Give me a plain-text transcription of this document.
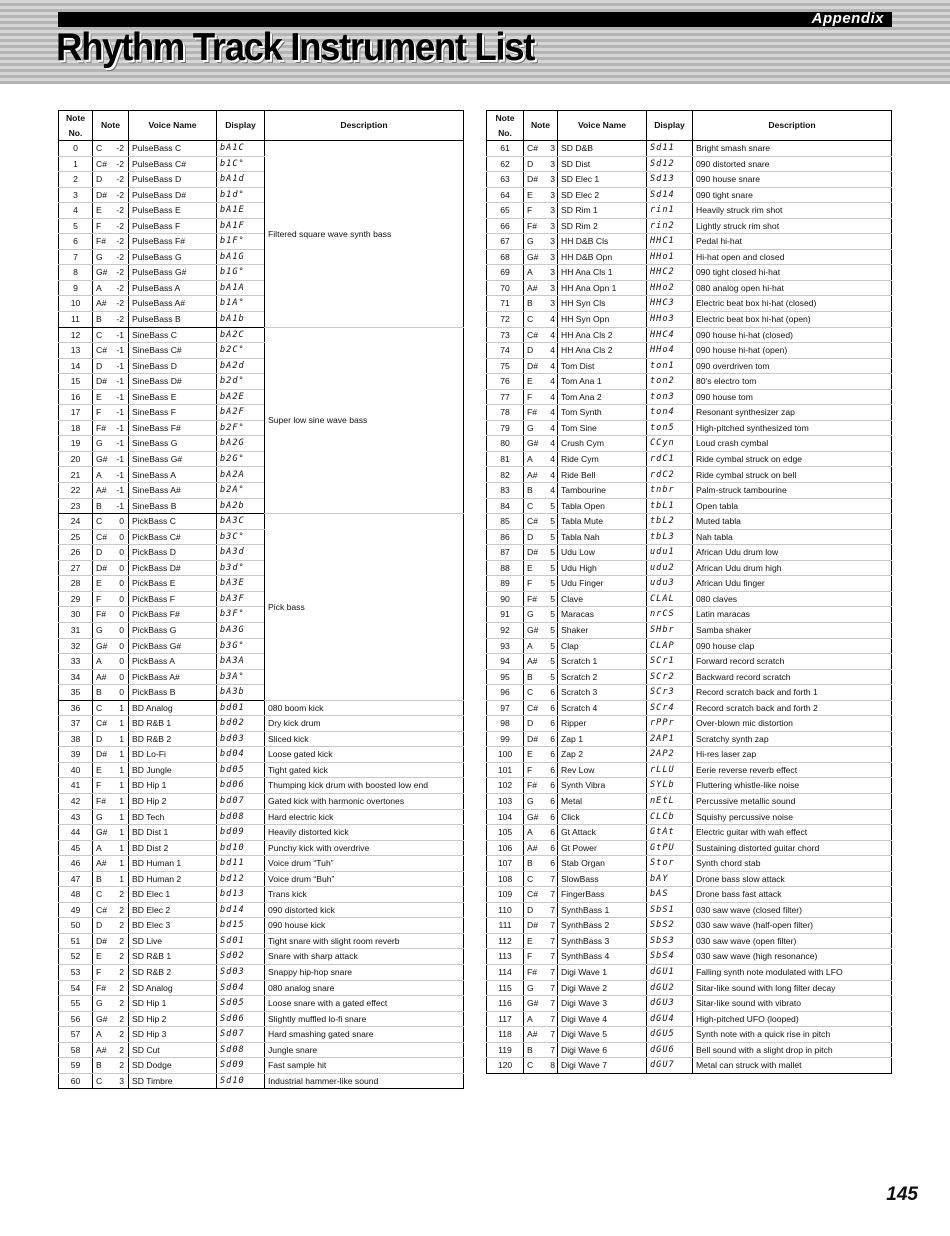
Appendix
Rhythm Track Instrument List
Note No.	Note	Voice Name	Display	Description
0	C -2	PulseBass C	bA1C	Filtered square wave synth bass
1	C# -2	PulseBass C#	b1C°	
2	D -2	PulseBass D	bA1d	
3	D# -2	PulseBass D#	b1d°	
4	E -2	PulseBass E	bA1E	
5	F -2	PulseBass F	bA1F	
6	F# -2	PulseBass F#	b1F°	
7	G -2	PulseBass G	bA1G	
8	G# -2	PulseBass G#	b1G°	
9	A -2	PulseBass A	bA1A	
10	A# -2	PulseBass A#	b1A°	
11	B -2	PulseBass B	bA1b	
12	C -1	SineBass C	bA2C	Super low sine wave bass
13	C# -1	SineBass C#	b2C°	
14	D -1	SineBass D	bA2d	
15	D# -1	SineBass D#	b2d°	
16	E -1	SineBass E	bA2E	
17	F -1	SineBass F	bA2F	
18	F# -1	SineBass F#	b2F°	
19	G -1	SineBass G	bA2G	
20	G# -1	SineBass G#	b2G°	
21	A -1	SineBass A	bA2A	
22	A# -1	SineBass A#	b2A°	
23	B -1	SineBass B	bA2b	
24	C 0	PickBass C	bA3C	Pick bass
25	C# 0	PickBass C#	b3C°	
26	D 0	PickBass D	bA3d	
27	D# 0	PickBass D#	b3d°	
28	E 0	PickBass E	bA3E	
29	F 0	PickBass F	bA3F	
30	F# 0	PickBass F#	b3F°	
31	G 0	PickBass G	bA3G	
32	G# 0	PickBass G#	b3G°	
33	A 0	PickBass A	bA3A	
34	A# 0	PickBass A#	b3A°	
35	B 0	PickBass B	bA3b	
36	C 1	BD Analog	bd01	080 boom kick
37	C# 1	BD R&B 1	bd02	Dry kick drum
38	D 1	BD R&B 2	bd03	Sliced kick
39	D# 1	BD Lo-Fi	bd04	Loose gated kick
40	E 1	BD Jungle	bd05	Tight gated kick
41	F 1	BD Hip 1	bd06	Thumping kick drum with boosted low end
42	F# 1	BD Hip 2	bd07	Gated kick with harmonic overtones
43	G 1	BD Tech	bd08	Hard electric kick
44	G# 1	BD Dist 1	bd09	Heavily distorted kick
45	A 1	BD Dist 2	bd10	Punchy kick with overdrive
46	A# 1	BD Human 1	bd11	Voice drum “Tuh”
47	B 1	BD Human 2	bd12	Voice drum “Buh”
48	C 2	BD Elec 1	bd13	Trans kick
49	C# 2	BD Elec 2	bd14	090 distorted kick
50	D 2	BD Elec 3	bd15	090 house kick
51	D# 2	SD Live	Sd01	Tight snare with slight room reverb
52	E 2	SD R&B 1	Sd02	Snare with sharp attack
53	F 2	SD R&B 2	Sd03	Snappy hip-hop snare
54	F# 2	SD Analog	Sd04	080 analog snare
55	G 2	SD Hip 1	Sd05	Loose snare with a gated effect
56	G# 2	SD Hip 2	Sd06	Slightly muffled lo-fi snare
57	A 2	SD Hip 3	Sd07	Hard smashing gated snare
58	A# 2	SD Cut	Sd08	Jungle snare
59	B 2	SD Dodge	Sd09	Fast sample hit
60	C 3	SD Timbre	Sd10	Industrial hammer-like sound
Note No.	Note	Voice Name	Display	Description
61	C# 3	SD D&B	Sd11	Bright smash snare
62	D 3	SD Dist	Sd12	090 distorted snare
63	D# 3	SD Elec 1	Sd13	090 house snare
64	E 3	SD Elec 2	Sd14	090 tight snare
65	F 3	SD Rim 1	rin1	Heavily struck rim shot
66	F# 3	SD Rim 2	rin2	Lightly struck rim shot
67	G 3	HH D&B Cls	HHC1	Pedal hi-hat
68	G# 3	HH D&B Opn	HHo1	Hi-hat open and closed
69	A 3	HH Ana Cls 1	HHC2	090 tight closed hi-hat
70	A# 3	HH Ana Opn 1	HHo2	080 analog open hi-hat
71	B 3	HH Syn Cls	HHC3	Electric beat box hi-hat (closed)
72	C 4	HH Syn Opn	HHo3	Electric beat box hi-hat (open)
73	C# 4	HH Ana Cls 2	HHC4	090 house hi-hat (closed)
74	D 4	HH Ana Cls 2	HHo4	090 house hi-hat (open)
75	D# 4	Tom Dist	ton1	090 overdriven tom
76	E 4	Tom Ana 1	ton2	80's electro tom
77	F 4	Tom Ana 2	ton3	090 house tom
78	F# 4	Tom Synth	ton4	Resonant synthesizer zap
79	G 4	Tom Sine	ton5	High-pitched synthesized tom
80	G# 4	Crush Cym	CCyn	Loud crash cymbal
81	A 4	Ride Cym	rdC1	Ride cymbal struck on edge
82	A# 4	Ride Bell	rdC2	Ride cymbal struck on bell
83	B 4	Tambourine	tnbr	Palm-struck tambourine
84	C 5	Tabla Open	tbL1	Open tabla
85	C# 5	Tabla Mute	tbL2	Muted tabla
86	D 5	Tabla Nah	tbL3	Nah tabla
87	D# 5	Udu Low	udu1	African Udu drum low
88	E 5	Udu High	udu2	African Udu drum high
89	F 5	Udu Finger	udu3	African Udu finger
90	F# 5	Clave	CLAL	080 claves
91	G 5	Maracas	nrCS	Latin maracas
92	G# 5	Shaker	SHbr	Samba shaker
93	A 5	Clap	CLAP	090 house clap
94	A# 5	Scratch 1	SCr1	Forward record scratch
95	B 5	Scratch 2	SCr2	Backward record scratch
96	C 6	Scratch 3	SCr3	Record scratch back and forth 1
97	C# 6	Scratch 4	SCr4	Record scratch back and forth 2
98	D 6	Ripper	rPPr	Over-blown mic distortion
99	D# 6	Zap 1	2AP1	Scratchy synth zap
100	E 6	Zap 2	2AP2	Hi-res laser zap
101	F 6	Rev Low	rLLU	Eerie reverse reverb effect
102	F# 6	Synth Vibra	SYLb	Fluttering whistle-like noise
103	G 6	Metal	nEtL	Percussive metallic sound
104	G# 6	Click	CLCb	Squishy percussive noise
105	A 6	Gt Attack	GtAt	Electric guitar with wah effect
106	A# 6	Gt Power	GtPU	Sustaining distorted guitar chord
107	B 6	Stab Organ	Stor	Synth chord stab
108	C 7	SlowBass	bAY	Drone bass slow attack
109	C# 7	FingerBass	bAS	Drone bass fast attack
110	D 7	SynthBass 1	SbS1	030 saw wave (closed filter)
111	D# 7	SynthBass 2	SbS2	030 saw wave (half-open filter)
112	E 7	SynthBass 3	SbS3	030 saw wave (open filter)
113	F 7	SynthBass 4	SbS4	030 saw wave (high resonance)
114	F# 7	Digi Wave 1	dGU1	Falling synth note modulated with LFO
115	G 7	Digi Wave 2	dGU2	Sitar-like sound with long filter decay
116	G# 7	Digi Wave 3	dGU3	Sitar-like sound with vibrato
117	A 7	Digi Wave 4	dGU4	High-pitched UFO (looped)
118	A# 7	Digi Wave 5	dGU5	Synth note with a quick rise in pitch
119	B 7	Digi Wave 6	dGU6	Bell sound with a slight drop in pitch
120	C 8	Digi Wave 7	dGU7	Metal can struck with mallet
145
